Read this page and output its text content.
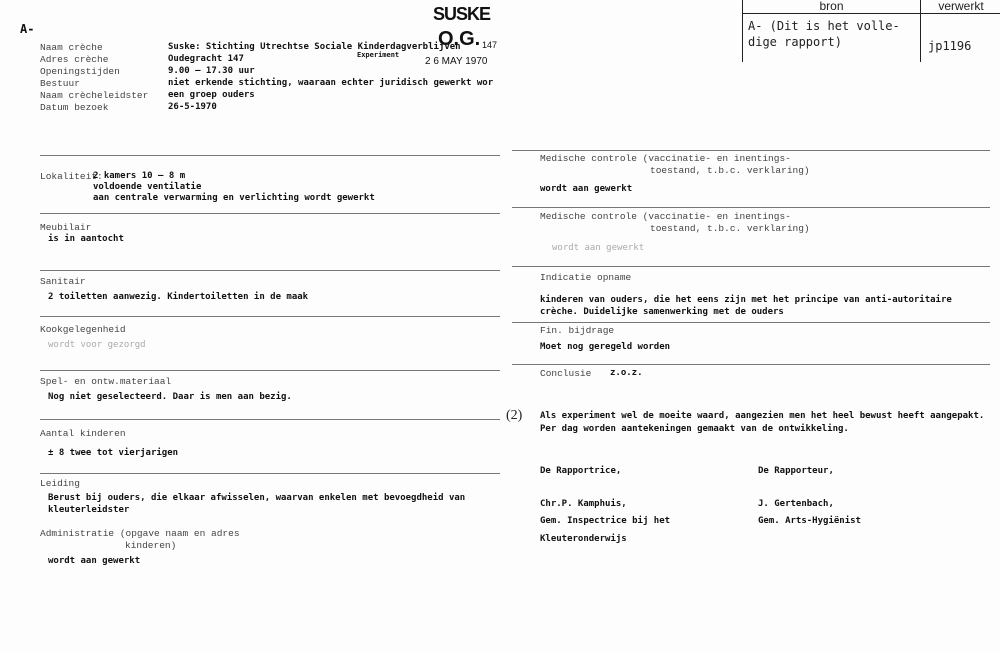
A-
SUSKE
O.G. 147
2 6 MAY 1970
bron	verwerkt
A- (Dit is het volle-
dige rapport)	jp1196
Experiment
(2) Als experiment wel de moeite waard, aangezien men het heel bewust heeft aangepakt.
Per dag worden aantekeningen gemaakt van de ontwikkeling.
De Rapportrice,
Chr.P. Kamphuis,
Gem. Inspectrice bij het
Kleuteronderwijs
De Rapporteur,
J. Gertenbach,
Gem. Arts-Hygiënist
Naam crèche	Suske: Stichting Utrechtse Sociale Kinderdagverblijven
Adres crèche	Oudegracht 147
Openingstijden	9.00 – 17.30 uur
Bestuur	niet erkende stichting, waaraan echter juridisch gewerkt wor
Naam crècheleidster een groep ouders
Datum bezoek	26-5-1970
Lokaliteit:
2 kamers 10 – 8 m
voldoende ventilatie
aan centrale verwarming en verlichting wordt gewerkt
Meubilair
is in aantocht
Sanitair
2 toiletten aanwezig. Kindertoiletten in de maak
Kookgelegenheid
wordt voor gezorgd
Spel- en ontw.materiaal
Nog niet geselecteerd. Daar is men aan bezig.
Aantal kinderen
± 8 twee tot vierjarigen
Leiding
Berust bij ouders, die elkaar afwisselen, waarvan enkelen met bevoegdheid van
kleuterleidster
Administratie (opgave naam en adres
kinderen)
wordt aan gewerkt
Medische controle (vaccinatie- en inentings-
toestand, t.b.c. verklaring)
wordt aan gewerkt
Medische controle (vaccinatie- en inentings-
toestand, t.b.c. verklaring)
wordt aan gewerkt
Indicatie opname
kinderen van ouders, die het eens zijn met het principe van anti-autoritaire
crèche. Duidelijke samenwerking met de ouders
Fin. bijdrage
Moet nog geregeld worden
Conclusie z.o.z.
